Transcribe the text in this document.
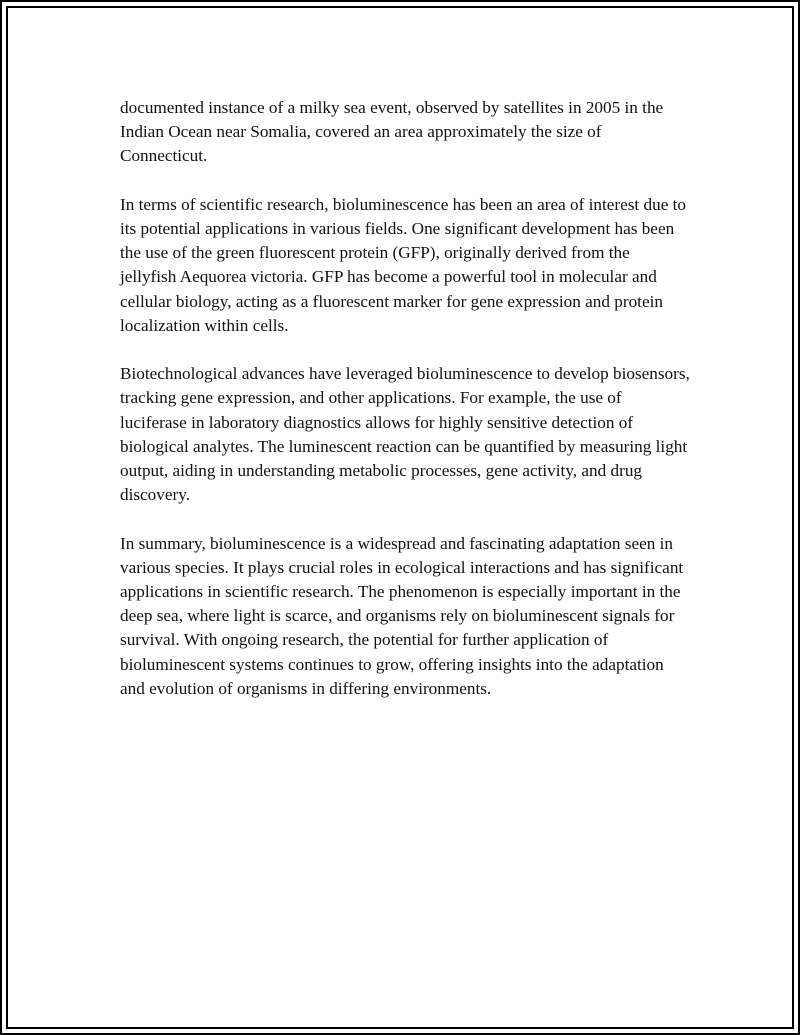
documented instance of a milky sea event, observed by satellites in 2005 in the Indian Ocean near Somalia, covered an area approximately the size of Connecticut.

In terms of scientific research, bioluminescence has been an area of interest due to its potential applications in various fields. One significant development has been the use of the green fluorescent protein (GFP), originally derived from the jellyfish Aequorea victoria. GFP has become a powerful tool in molecular and cellular biology, acting as a fluorescent marker for gene expression and protein localization within cells.

Biotechnological advances have leveraged bioluminescence to develop biosensors, tracking gene expression, and other applications. For example, the use of luciferase in laboratory diagnostics allows for highly sensitive detection of biological analytes. The luminescent reaction can be quantified by measuring light output, aiding in understanding metabolic processes, gene activity, and drug discovery.

In summary, bioluminescence is a widespread and fascinating adaptation seen in various species. It plays crucial roles in ecological interactions and has significant applications in scientific research. The phenomenon is especially important in the deep sea, where light is scarce, and organisms rely on bioluminescent signals for survival. With ongoing research, the potential for further application of bioluminescent systems continues to grow, offering insights into the adaptation and evolution of organisms in differing environments.
